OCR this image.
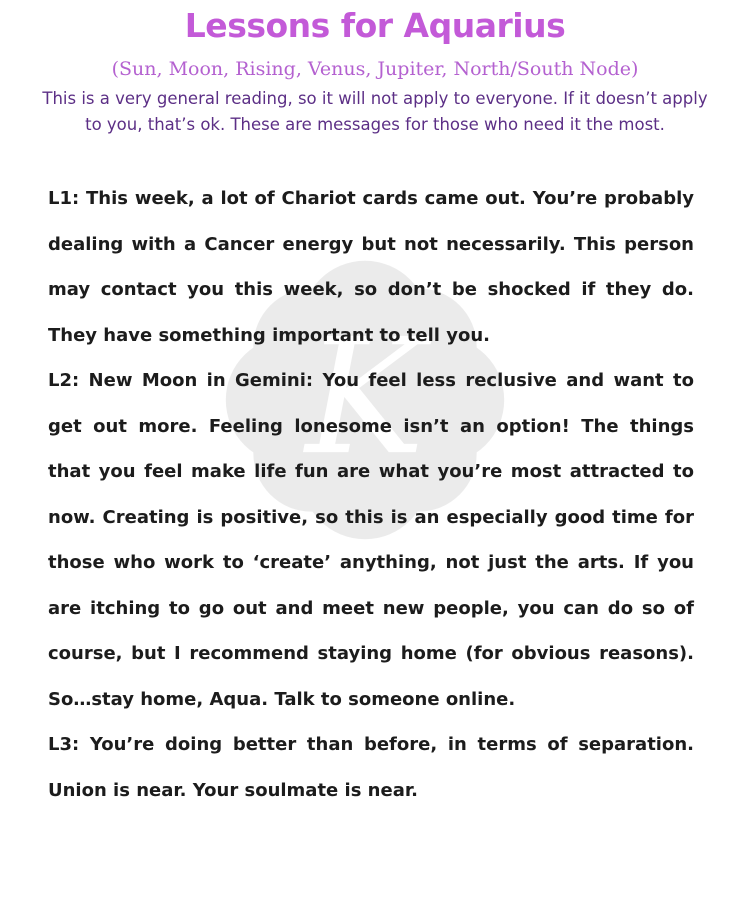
K
Lessons for Aquarius
(Sun, Moon, Rising, Venus, Jupiter, North/South Node)
This is a very general reading, so it will not apply to everyone. If it doesn’t apply to you, that’s ok. These are messages for those who need it the most.

L1: This week, a lot of Chariot cards came out. You’re probably dealing with a Cancer energy but not necessarily. This person may contact you this week, so don’t be shocked if they do. They have something important to tell you.

L2: New Moon in Gemini: You feel less reclusive and want to get out more. Feeling lonesome isn’t an option! The things that you feel make life fun are what you’re most attracted to now. Creating is positive, so this is an especially good time for those who work to ‘create’ anything, not just the arts. If you are itching to go out and meet new people, you can do so of course, but I recommend staying home (for obvious reasons). So…stay home, Aqua. Talk to someone online.

L3: You’re doing better than before, in terms of separation. Union is near. Your soulmate is near.
